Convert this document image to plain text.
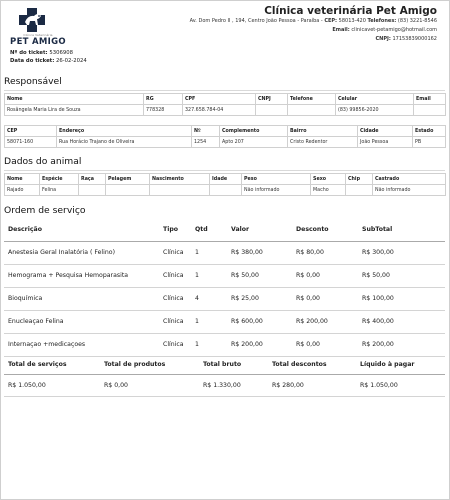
Clínica Veterinária
PET AMIGO
Clínica veterinária Pet Amigo
Av. Dom Pedro II , 194, Centro João Pessoa - Paraíba - CEP: 58013-420 Telefones: (83) 3221-8546
Email: clinicavet-petamigo@hotmail.com
CNPJ: 17153839000162
Nº do ticket: 5306908
Data do ticket: 26-02-2024
Responsável
Nome	RG	CPF	CNPJ	Telefone	Celular	Email
Rosângela Maria Lira de Souza	778328	327.658.784-04			(83) 99856-2020	
CEP	Endereço	Nº	Complemento	Bairro	Cidade	Estado
58071-160	Rua Horácio Trajano de Oliveira	1254	Apto 207	Cristo Redentor	João Pessoa	PB
Dados do animal
Nome	Espécie	Raça	Pelagem	Nascimento	Idade	Peso	Sexo	Chip	Castrado
Rajado	Felina					Não informado	Macho		Não informado
Ordem de serviço
Descrição	Tipo	Qtd	Valor	Desconto	SubTotal
Anestesia Geral Inalatória ( Felino)	Clínica	1	R$ 380,00	R$ 80,00	R$ 300,00
Hemograma + Pesquisa Hemoparasita	Clínica	1	R$ 50,00	R$ 0,00	R$ 50,00
Bioquímica	Clínica	4	R$ 25,00	R$ 0,00	R$ 100,00
Enucleaçao Felina	Clínica	1	R$ 600,00	R$ 200,00	R$ 400,00
Internaçao +medicaçoes	Clínica	1	R$ 200,00	R$ 0,00	R$ 200,00
Total de serviços	Total de produtos	Total bruto	Total descontos	Líquido à pagar
R$ 1.050,00	R$ 0,00	R$ 1.330,00	R$ 280,00	R$ 1.050,00
